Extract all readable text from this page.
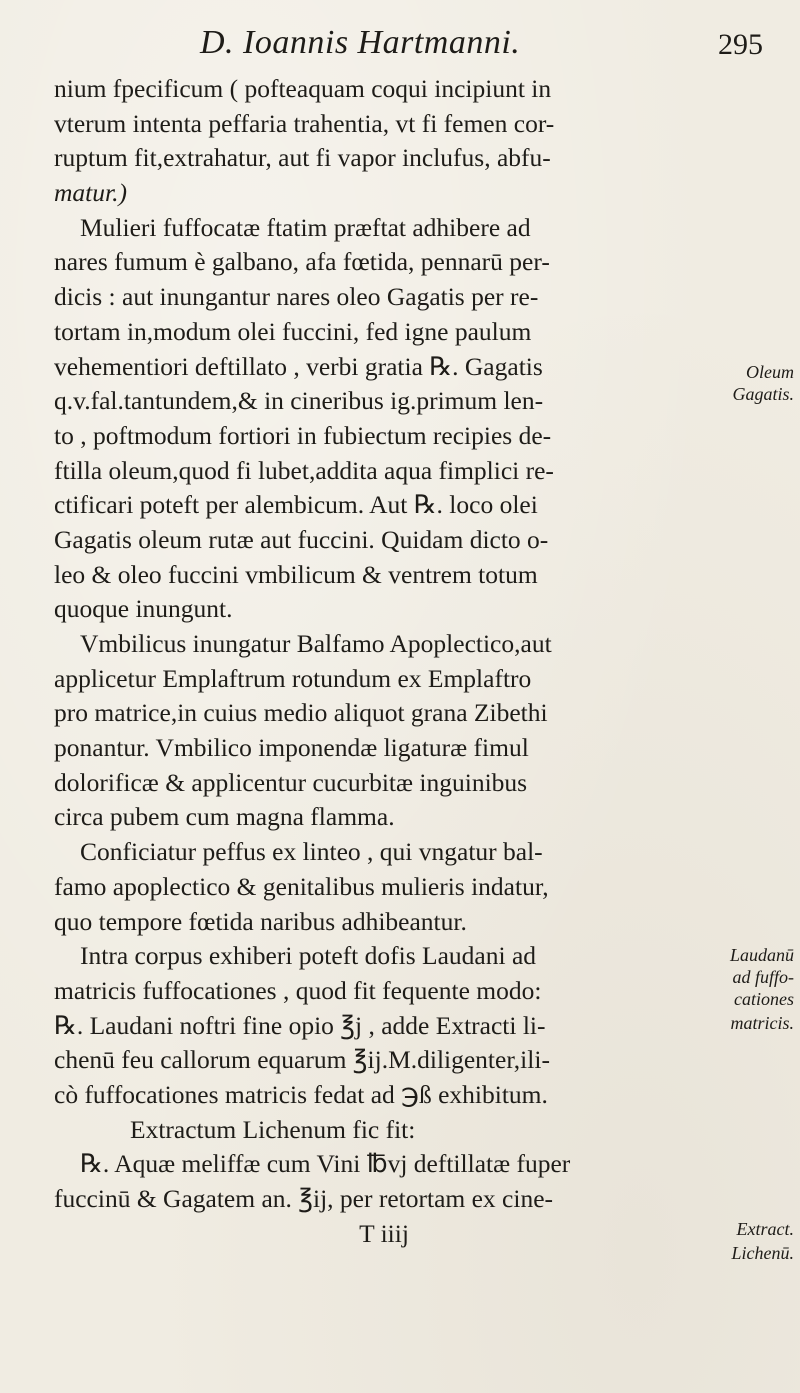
D. Ioannis Hartmanni.	295
nium fpecificum ( pofteaquam coqui incipiunt in
vterum intenta peffaria trahentia, vt fi femen cor-
ruptum fit,extrahatur, aut fi vapor inclufus, abfu-
matur.)
Mulieri fuffocatæ ftatim præftat adhibere ad
nares fumum è galbano, afa fœtida, pennarū per-
dicis : aut inungantur nares oleo Gagatis per re-
tortam in,modum olei fuccini, fed igne paulum
vehementiori deftillato , verbi gratia ℞. Gagatis
q.v.fal.tantundem,& in cineribus ig.primum len-
to , poftmodum fortiori in fubiectum recipies de-
ftilla oleum,quod fi lubet,addita aqua fimplici re-
ctificari poteft per alembicum. Aut ℞. loco olei
Gagatis oleum rutæ aut fuccini. Quidam dicto o-
leo & oleo fuccini vmbilicum & ventrem totum
quoque inungunt.
Vmbilicus inungatur Balfamo Apoplectico,aut
applicetur Emplaftrum rotundum ex Emplaftro
pro matrice,in cuius medio aliquot grana Zibethi
ponantur. Vmbilico imponendæ ligaturæ fimul
dolorificæ & applicentur cucurbitæ inguinibus
circa pubem cum magna flamma.
Conficiatur peffus ex linteo , qui vngatur bal-
famo apoplectico & genitalibus mulieris indatur,
quo tempore fœtida naribus adhibeantur.
Intra corpus exhiberi poteft dofis Laudani ad
matricis fuffocationes , quod fit fequente modo:
℞. Laudani noftri fine opio ℥j , adde Extracti li-
chenū feu callorum equarum ℥ij.M.diligenter,ili-
cò fuffocationes matricis fedat ad ℈ß exhibitum.
Extractum Lichenum fic fit:
℞. Aquæ meliffæ cum Vini ℔vj deftillatæ fuper
fuccinū & Gagatem an. ℥ij, per retortam ex cine-
T iiij
Oleum
Gagatis.
Laudanū
ad fuffo-
cationes
matricis.
Extract.
Lichenū.
